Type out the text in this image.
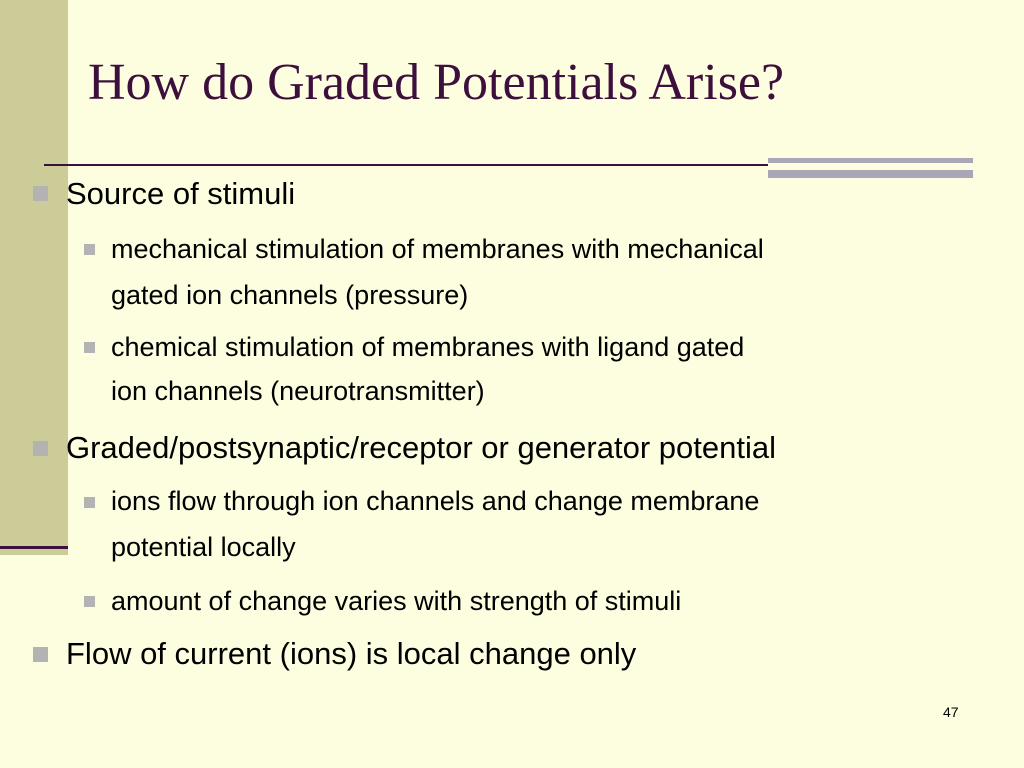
How do Graded Potentials Arise?
Source of stimuli
mechanical stimulation of membranes with mechanical
gated ion channels (pressure)
chemical stimulation of membranes with ligand gated
ion channels (neurotransmitter)
Graded/postsynaptic/receptor or generator potential
ions flow through ion channels and change membrane
potential locally
amount of change varies with strength of stimuli
Flow of current (ions) is local change only
47
